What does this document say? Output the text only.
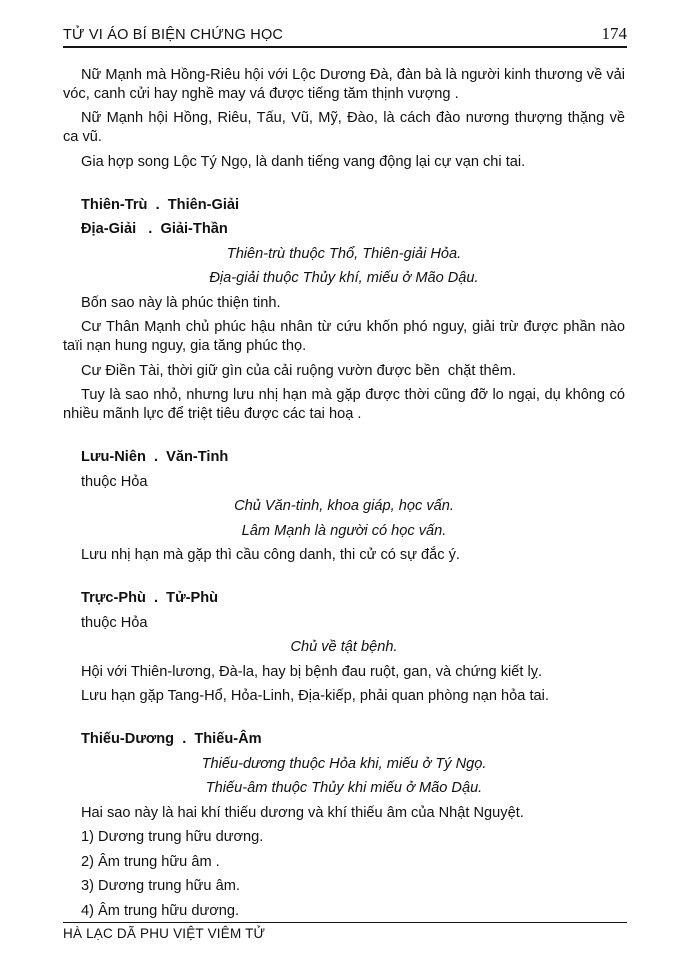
TỬ VI ÁO BÍ BIỆN CHỨNG HỌC	174
Nữ Mạnh mà Hồng-Riêu hội với Lộc Dương Đà, đàn bà là người kinh thương về vải vóc, canh cửi hay nghề may vá được tiếng tăm thịnh vượng .
Nữ Mạnh hội Hồng, Riêu, Tấu, Vũ, Mỹ, Đào, là cách đào nương thượng thặng về ca vũ.
Gia hợp song Lộc Tý Ngọ, là danh tiếng vang động lại cự vạn chi tai.
Thiên-Trù  .  Thiên-Giải
Địa-Giải   .  Giải-Thần
Thiên-trù thuộc Thổ, Thiên-giải Hỏa.
Địa-giải thuộc Thủy khí, miếu ở Mão Dậu.
Bốn sao này là phúc thiện tinh.
Cư Thân Mạnh chủ phúc hậu nhân từ cứu khốn phó nguy, giải trừ được phần nào taïi nạn hung nguy, gia tăng phúc thọ.
Cư Điền Tài, thời giữ gìn của cải ruộng vườn được bền  chặt thêm.
Tuy là sao nhỏ, nhưng lưu nhị hạn mà gặp được thời cũng đỡ lo ngại, dụ không có nhiều mãnh lực để triệt tiêu được các tai hoạ .
Lưu-Niên  .  Văn-Tinh
thuộc Hỏa
Chủ Văn-tinh, khoa giáp, học vấn.
Lâm Mạnh là người có học vấn.
Lưu nhị hạn mà gặp thì cầu công danh, thi cử có sự đắc ý.
Trực-Phù  .  Tử-Phù
thuộc Hỏa
Chủ về tật bệnh.
Hội với Thiên-lương, Đà-la, hay bị bệnh đau ruột, gan, và chứng kiết lỵ.
Lưu hạn gặp Tang-Hổ, Hỏa-Linh, Địa-kiếp, phải quan phòng nạn hỏa tai.
Thiếu-Dương  .  Thiếu-Âm
Thiếu-dương thuộc Hỏa khi, miếu ở Tý Ngọ.
Thiếu-âm thuộc Thủy khi miếu ở Mão Dậu.
Hai sao này là hai khí thiếu dương và khí thiếu âm của Nhật Nguyệt.
1) Dương trung hữu dương.
2) Âm trung hữu âm .
3) Dương trung hữu âm.
4) Âm trung hữu dương.
HÀ LẠC DÃ PHU VIỆT VIÊM TỬ
